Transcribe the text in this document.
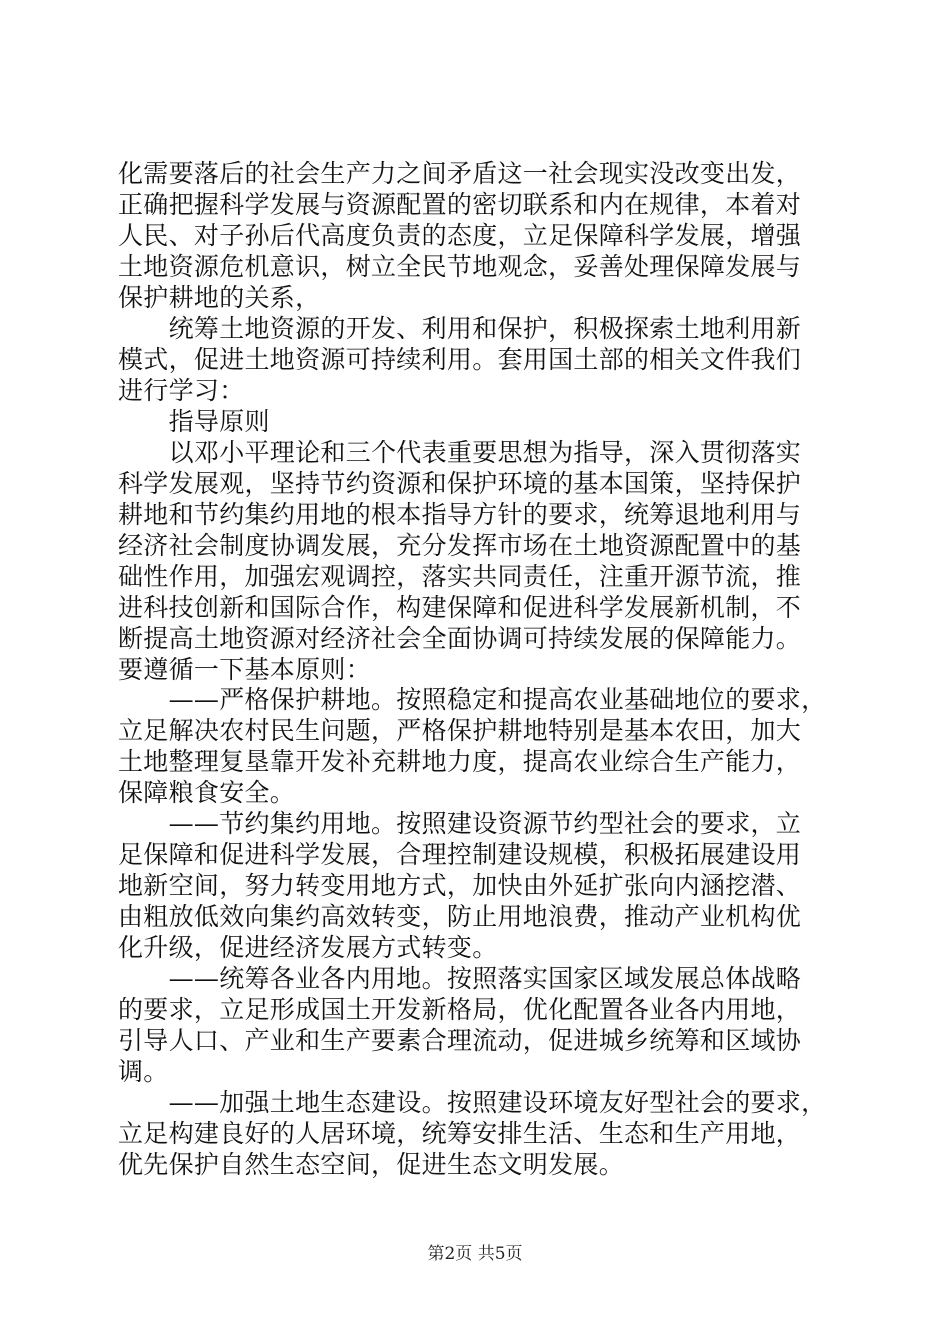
化需要落后的社会生产力之间矛盾这一社会现实没改变出发，
正确把握科学发展与资源配置的密切联系和内在规律，本着对
人民、对子孙后代高度负责的态度，立足保障科学发展，增强
土地资源危机意识，树立全民节地观念，妥善处理保障发展与
保护耕地的关系，
　　统筹土地资源的开发、利用和保护，积极探索土地利用新
模式，促进土地资源可持续利用。套用国土部的相关文件我们
进行学习：
　　指导原则
　　以邓小平理论和三个代表重要思想为指导，深入贯彻落实
科学发展观，坚持节约资源和保护环境的基本国策，坚持保护
耕地和节约集约用地的根本指导方针的要求，统筹退地利用与
经济社会制度协调发展，充分发挥市场在土地资源配置中的基
础性作用，加强宏观调控，落实共同责任，注重开源节流，推
进科技创新和国际合作，构建保障和促进科学发展新机制，不
断提高土地资源对经济社会全面协调可持续发展的保障能力。
要遵循一下基本原则：
　　——严格保护耕地。按照稳定和提高农业基础地位的要求，
立足解决农村民生问题，严格保护耕地特别是基本农田，加大
土地整理复垦靠开发补充耕地力度，提高农业综合生产能力，
保障粮食安全。
　　——节约集约用地。按照建设资源节约型社会的要求，立
足保障和促进科学发展，合理控制建设规模，积极拓展建设用
地新空间，努力转变用地方式，加快由外延扩张向内涵挖潜、
由粗放低效向集约高效转变，防止用地浪费，推动产业机构优
化升级，促进经济发展方式转变。
　　——统筹各业各内用地。按照落实国家区域发展总体战略
的要求，立足形成国土开发新格局，优化配置各业各内用地，
引导人口、产业和生产要素合理流动，促进城乡统筹和区域协
调。
　　——加强土地生态建设。按照建设环境友好型社会的要求，
立足构建良好的人居环境，统筹安排生活、生态和生产用地，
优先保护自然生态空间，促进生态文明发展。
第2页 共5页
